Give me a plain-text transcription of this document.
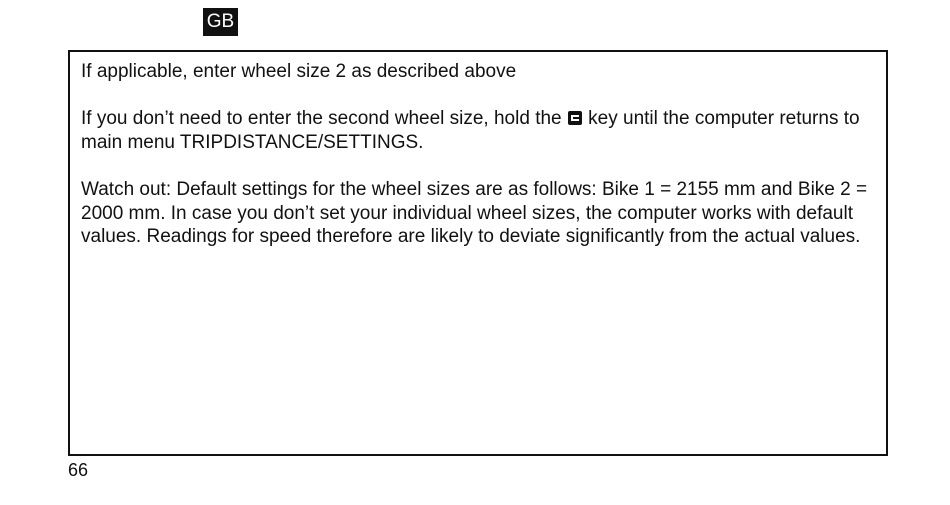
GB

If applicable, enter wheel size 2 as described above

If you don’t need to enter the second wheel size, hold the  key until the computer returns to main menu TRIPDISTANCE/SETTINGS.

Watch out: Default settings for the wheel sizes are as follows: Bike 1 = 2155 mm and Bike 2 = 2000 mm. In case you don’t set your individual wheel sizes, the computer works with default values. Readings for speed therefore are likely to deviate significantly from the actual values.

66
